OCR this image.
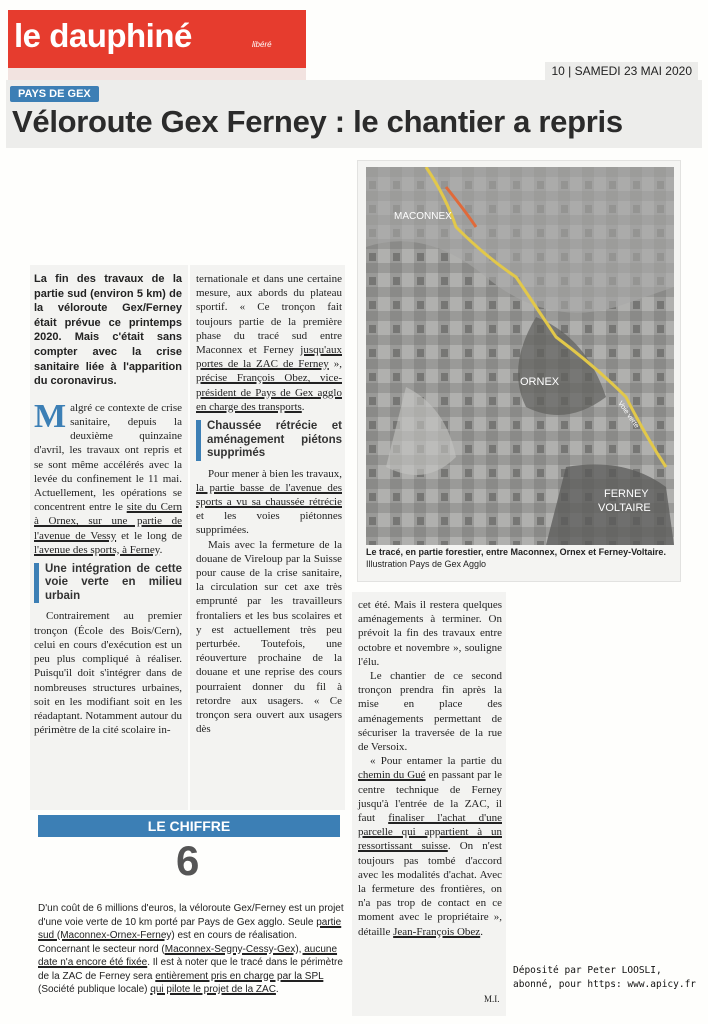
le dauphiné	libéré
10 | SAMEDI 23 MAI 2020
PAYS DE GEX
Véloroute Gex Ferney : le chantier a repris
MACONNEX
ORNEX
FERNEY
VOLTAIRE
Voie verte
Le tracé, en partie forestier, entre Maconnex, Ornex et Ferney-Voltaire. Illustration Pays de Gex Agglo

La fin des travaux de la partie sud (environ 5 km) de la véloroute Gex/Ferney était prévue ce printemps 2020. Mais c'était sans compter avec la crise sanitaire liée à l'apparition du coronavirus.

Malgré ce contexte de crise sanitaire, depuis la deuxième quinzaine d'avril, les travaux ont repris et se sont même accélérés avec la levée du confinement le 11 mai. Actuellement, les opérations se concentrent entre le site du Cern à Ornex, sur une partie de l'avenue de Vessy et le long de l'avenue des sports, à Ferney.

Une intégration de cette voie verte en milieu urbain

Contrairement au premier tronçon (École des Bois/Cern), celui en cours d'exécution est un peu plus compliqué à réaliser. Puisqu'il doit s'intégrer dans de nombreuses structures urbaines, soit en les modifiant soit en les réadaptant. Notamment autour du périmètre de la cité scolaire in-

ternationale et dans une certaine mesure, aux abords du plateau sportif. « Ce tronçon fait toujours partie de la première phase du tracé sud entre Maconnex et Ferney jusqu'aux portes de la ZAC de Ferney », précise François Obez, vice-président de Pays de Gex agglo en charge des transports.

Chaussée rétrécie et aménagement piétons supprimés

Pour mener à bien les travaux, la partie basse de l'avenue des sports a vu sa chaussée rétrécie et les voies piétonnes supprimées.

Mais avec la fermeture de la douane de Vireloup par la Suisse pour cause de la crise sanitaire, la circulation sur cet axe très emprunté par les travailleurs frontaliers et les bus scolaires et y est actuellement très peu perturbée. Toutefois, une réouverture prochaine de la douane et une reprise des cours pourraient donner du fil à retordre aux usagers. « Ce tronçon sera ouvert aux usagers dès

cet été. Mais il restera quelques aménagements à terminer. On prévoit la fin des travaux entre octobre et novembre », souligne l'élu.

Le chantier de ce second tronçon prendra fin après la mise en place des aménagements permettant de sécuriser la traversée de la rue de Versoix.

« Pour entamer la partie du chemin du Gué en passant par le centre technique de Ferney jusqu'à l'entrée de la ZAC, il faut finaliser l'achat d'une parcelle qui appartient à un ressortissant suisse. On n'est toujours pas tombé d'accord avec les modalités d'achat. Avec la fermeture des frontières, on n'a pas trop de contact en ce moment avec le propriétaire », détaille Jean-François Obez.

LE CHIFFRE
6
D'un coût de 6 millions d'euros, la véloroute Gex/Ferney est un projet d'une voie verte de 10 km porté par Pays de Gex agglo. Seule partie sud (Maconnex-Ornex-Ferney) est en cours de réalisation. Concernant le secteur nord (Maconnex-Segny-Cessy-Gex), aucune date n'a encore été fixée. Il est à noter que le tracé dans le périmètre de la ZAC de Ferney sera entièrement pris en charge par la SPL (Société publique locale) qui pilote le projet de la ZAC.
M.I.
Déposité par Peter LOOSLI, abonné, pour https: www.apicy.fr
